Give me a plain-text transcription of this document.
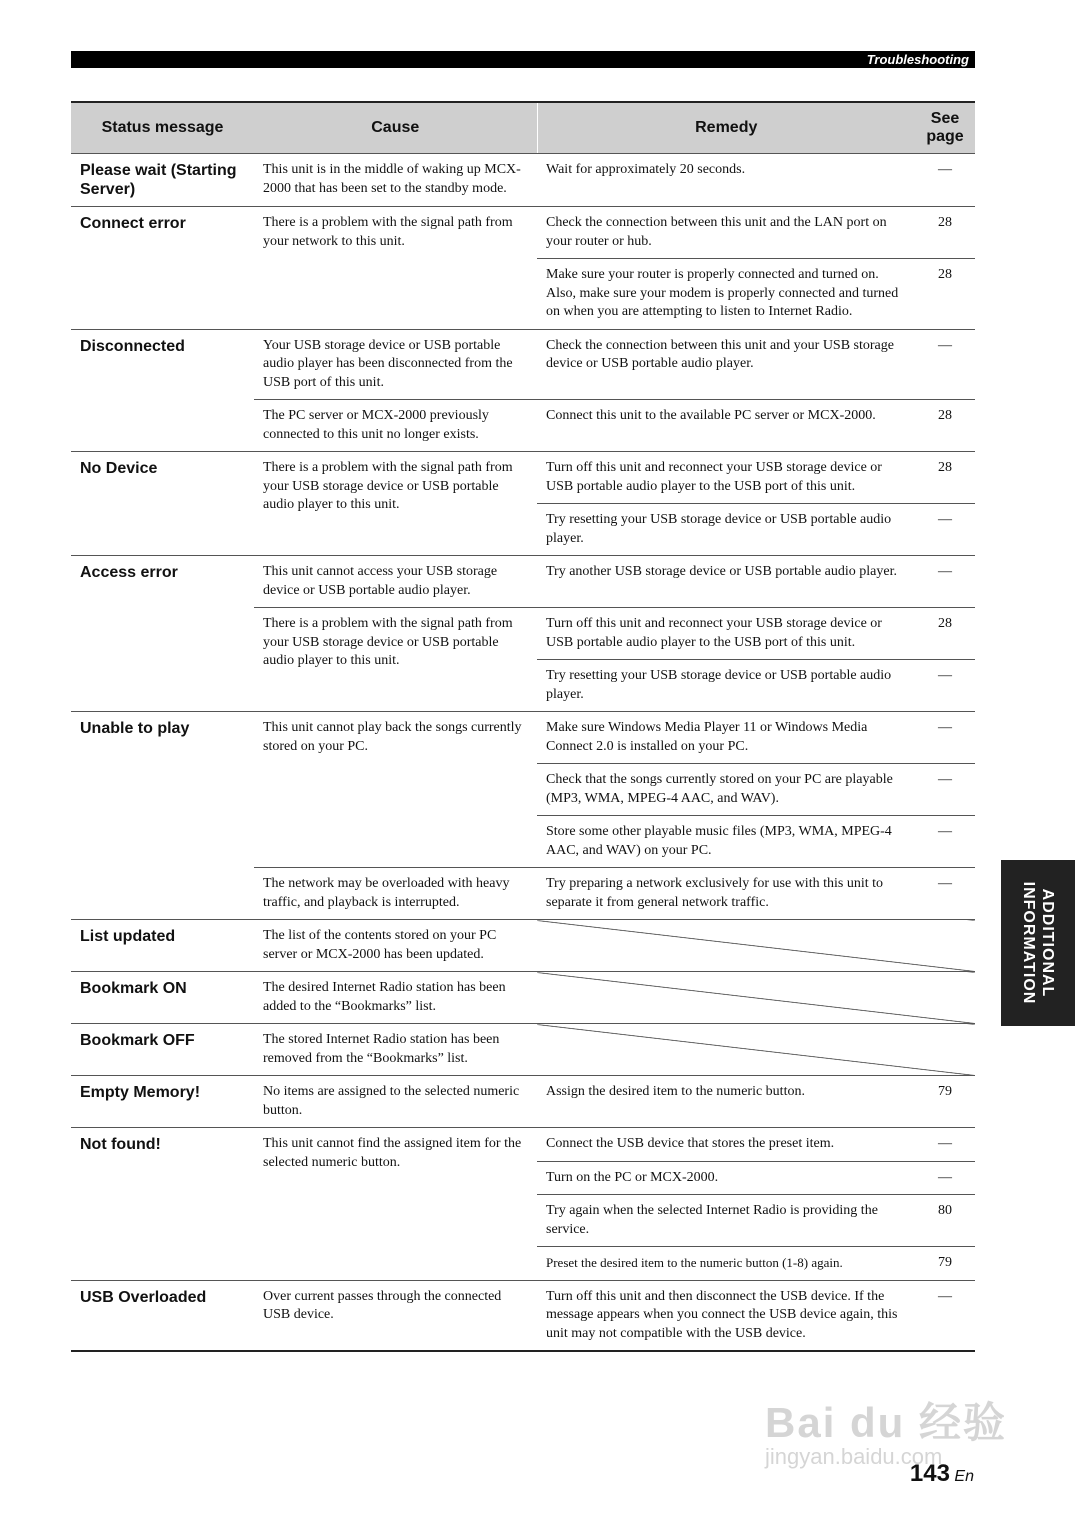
Troubleshooting
Status message	Cause	Remedy	See page
Please wait (Starting Server)	This unit is in the middle of waking up MCX-2000 that has been set to the standby mode.	Wait for approximately 20 seconds.	—
Connect error	There is a problem with the signal path from your network to this unit.	Check the connection between this unit and the LAN port on your router or hub.	28
		Make sure your router is properly connected and turned on. Also, make sure your modem is properly connected and turned on when you are attempting to listen to Internet Radio.	28
Disconnected	Your USB storage device or USB portable audio player has been disconnected from the USB port of this unit.	Check the connection between this unit and your USB storage device or USB portable audio player.	—
	The PC server or MCX-2000 previously connected to this unit no longer exists.	Connect this unit to the available PC server or MCX-2000.	28
No Device	There is a problem with the signal path from your USB storage device or USB portable audio player to this unit.	Turn off this unit and reconnect your USB storage device or USB portable audio player to the USB port of this unit.	28
		Try resetting your USB storage device or USB portable audio player.	—
Access error	This unit cannot access your USB storage device or USB portable audio player.	Try another USB storage device or USB portable audio player.	—
	There is a problem with the signal path from your USB storage device or USB portable audio player to this unit.	Turn off this unit and reconnect your USB storage device or USB portable audio player to the USB port of this unit.	28
		Try resetting your USB storage device or USB portable audio player.	—
Unable to play	This unit cannot play back the songs currently stored on your PC.	Make sure Windows Media Player 11 or Windows Media Connect 2.0 is installed on your PC.	—
		Check that the songs currently stored on your PC are playable (MP3, WMA, MPEG-4 AAC, and WAV).	—
		Store some other playable music files (MP3, WMA, MPEG-4 AAC, and WAV) on your PC.	—
	The network may be overloaded with heavy traffic, and playback is interrupted.	Try preparing a network exclusively for use with this unit to separate it from general network traffic.	—
List updated	The list of the contents stored on your PC server or MCX-2000 has been updated.		
Bookmark ON	The desired Internet Radio station has been added to the “Bookmarks” list.		
Bookmark OFF	The stored Internet Radio station has been removed from the “Bookmarks” list.		
Empty Memory!	No items are assigned to the selected numeric button.	Assign the desired item to the numeric button.	79
Not found!	This unit cannot find the assigned item for the selected numeric button.	Connect the USB device that stores the preset item.	—
		Turn on the PC or MCX-2000.	—
		Try again when the selected Internet Radio is providing the service.	80
		Preset the desired item to the numeric button (1-8) again.	79
USB Overloaded	Over current passes through the connected USB device.	Turn off this unit and then disconnect the USB device. If the message appears when you connect the USB device again, this unit may not compatible with the USB device.	—
ADDITIONAL
INFORMATION
Bai du 经验
jingyan.baidu.com
143 En
